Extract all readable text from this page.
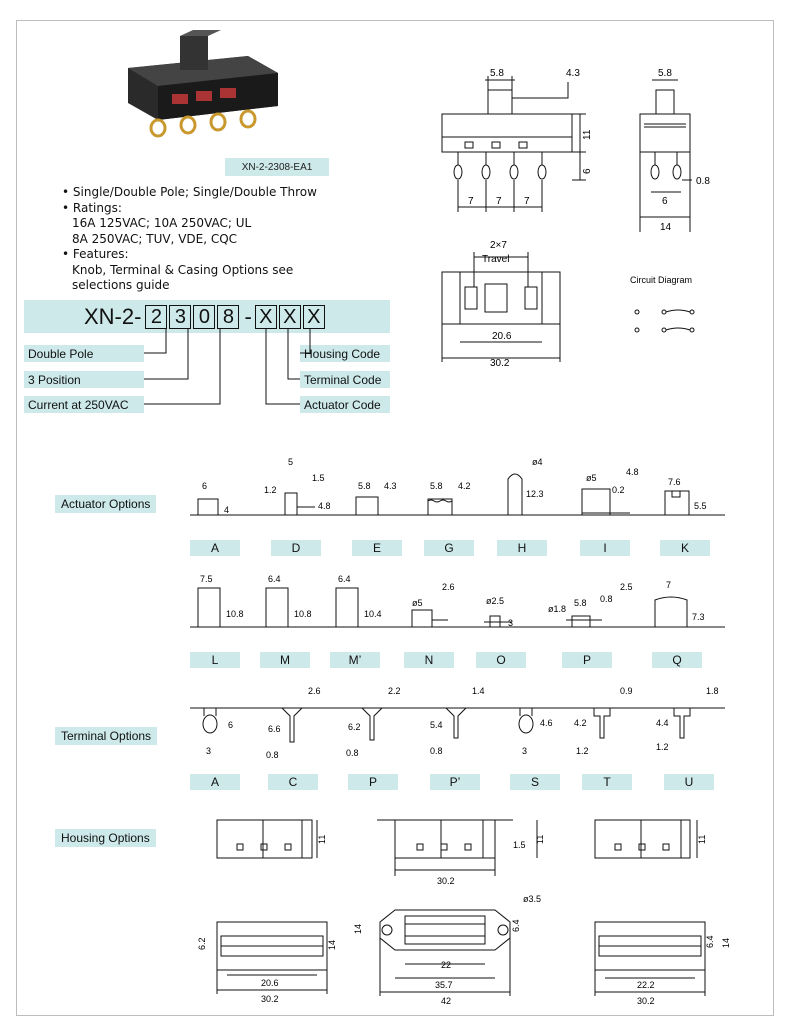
XN-2-2308-EA1
• Single/Double Pole; Single/Double Throw
• Ratings:
16A 125VAC; 10A 250VAC; UL
8A 250VAC; TUV, VDE, CQC
• Features:
Knob, Terminal & Casing Options see
selections guide
XN-2- 2 3 0 8 - X X X
Double Pole
3 Position
Current at 250VAC
Housing Code
Terminal Code
Actuator Code
5.8	4.3
11
6
7 7 7
5.8
0.8
6
14
2×7
Travel
20.6
30.2
Circuit Diagram
Actuator Options
Terminal Options
Housing Options
6
4
5
1.2
1.5
4.8
5.8 4.3	5.8 4.2
ø4
12.3
ø5
4.8
0.2
7.6
5.5
A	D	E	G	H	I	K
7.5
10.8
6.4
10.8
6.4
10.4
ø5
2.6
ø2.5
3
ø1.8
5.8 0.8
2.5	7
7.3
L	M	M’	N	O	P	Q
6
3
2.6
6.6
0.8
2.2
6.2
0.8
1.4
5.4
0.8
4.6
3
0.9
4.2
1.2
1.8
4.4
1.2
A	C	P	P’	S	T	U
11
30.2
1.5
11	11
6.2	14
20.6
30.2
ø3.5
14	6.4
22
35.7
42
6.4 14
22.2
30.2
